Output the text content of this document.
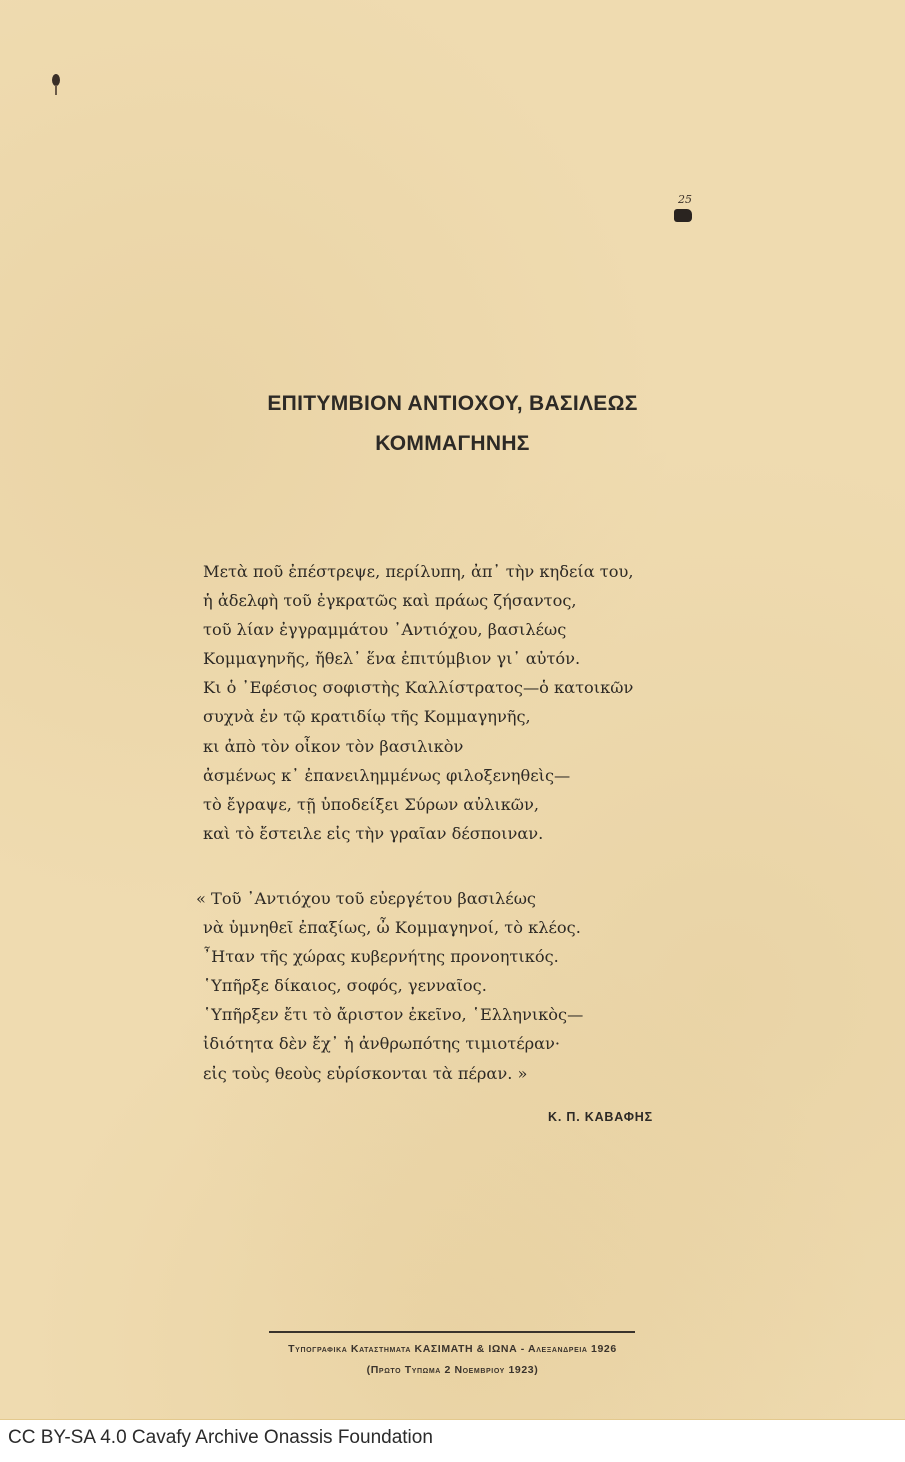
25
ΕΠΙΤΥΜΒΙΟΝ ΑΝΤΙΟΧΟΥ, ΒΑΣΙΛΕΩΣ
ΚΟΜΜΑΓΗΝΗΣ
Μετὰ ποῦ ἐπέστρεψε, περίλυπη, ἀπ᾿ τὴν κηδεία του,
ἡ ἀδελφὴ τοῦ ἐγκρατῶς καὶ πράως ζήσαντος,
τοῦ λίαν ἐγγραμμάτου ᾿Αντιόχου, βασιλέως
Κομμαγηνῆς, ἤθελ᾿ ἕνα ἐπιτύμβιον γι᾿ αὐτόν.
Κι ὁ ᾿Εφέσιος σοφιστὴς Καλλίστρατος—ὁ κατοικῶν
συχνὰ ἐν τῷ κρατιδίῳ τῆς Κομμαγηνῆς,
κι ἀπὸ τὸν οἶκον τὸν βασιλικὸν
ἀσμένως κ᾿ ἐπανειλημμένως φιλοξενηθεὶς—
τὸ ἔγραψε, τῇ ὑποδείξει Σύρων αὐλικῶν,
καὶ τὸ ἔστειλε εἰς τὴν γραῖαν δέσποιναν.
« Τοῦ ᾿Αντιόχου τοῦ εὐεργέτου βασιλέως
νὰ ὑμνηθεῖ ἐπαξίως, ὦ Κομμαγηνοί, τὸ κλέος.
῏Ηταν τῆς χώρας κυβερνήτης προνοητικός.
῾Υπῆρξε δίκαιος, σοφός, γενναῖος.
῾Υπῆρξεν ἔτι τὸ ἄριστον ἐκεῖνο, ῾Ελληνικὸς—
ἰδιότητα δὲν ἔχ᾿ ἡ ἀνθρωπότης τιμιοτέραν·
εἰς τοὺς θεοὺς εὑρίσκονται τὰ πέραν. »
Κ. Π. ΚΑΒΑΦΗΣ
Τυπογραφικα Καταστηματα ΚΑΣΙΜΑΤΗ & ΙΩΝΑ - Αλεξανδρεια 1926
(Πρωτο Τυπωμα 2 Νοεμβριου 1923)
CC BY-SA 4.0 Cavafy Archive Onassis Foundation
